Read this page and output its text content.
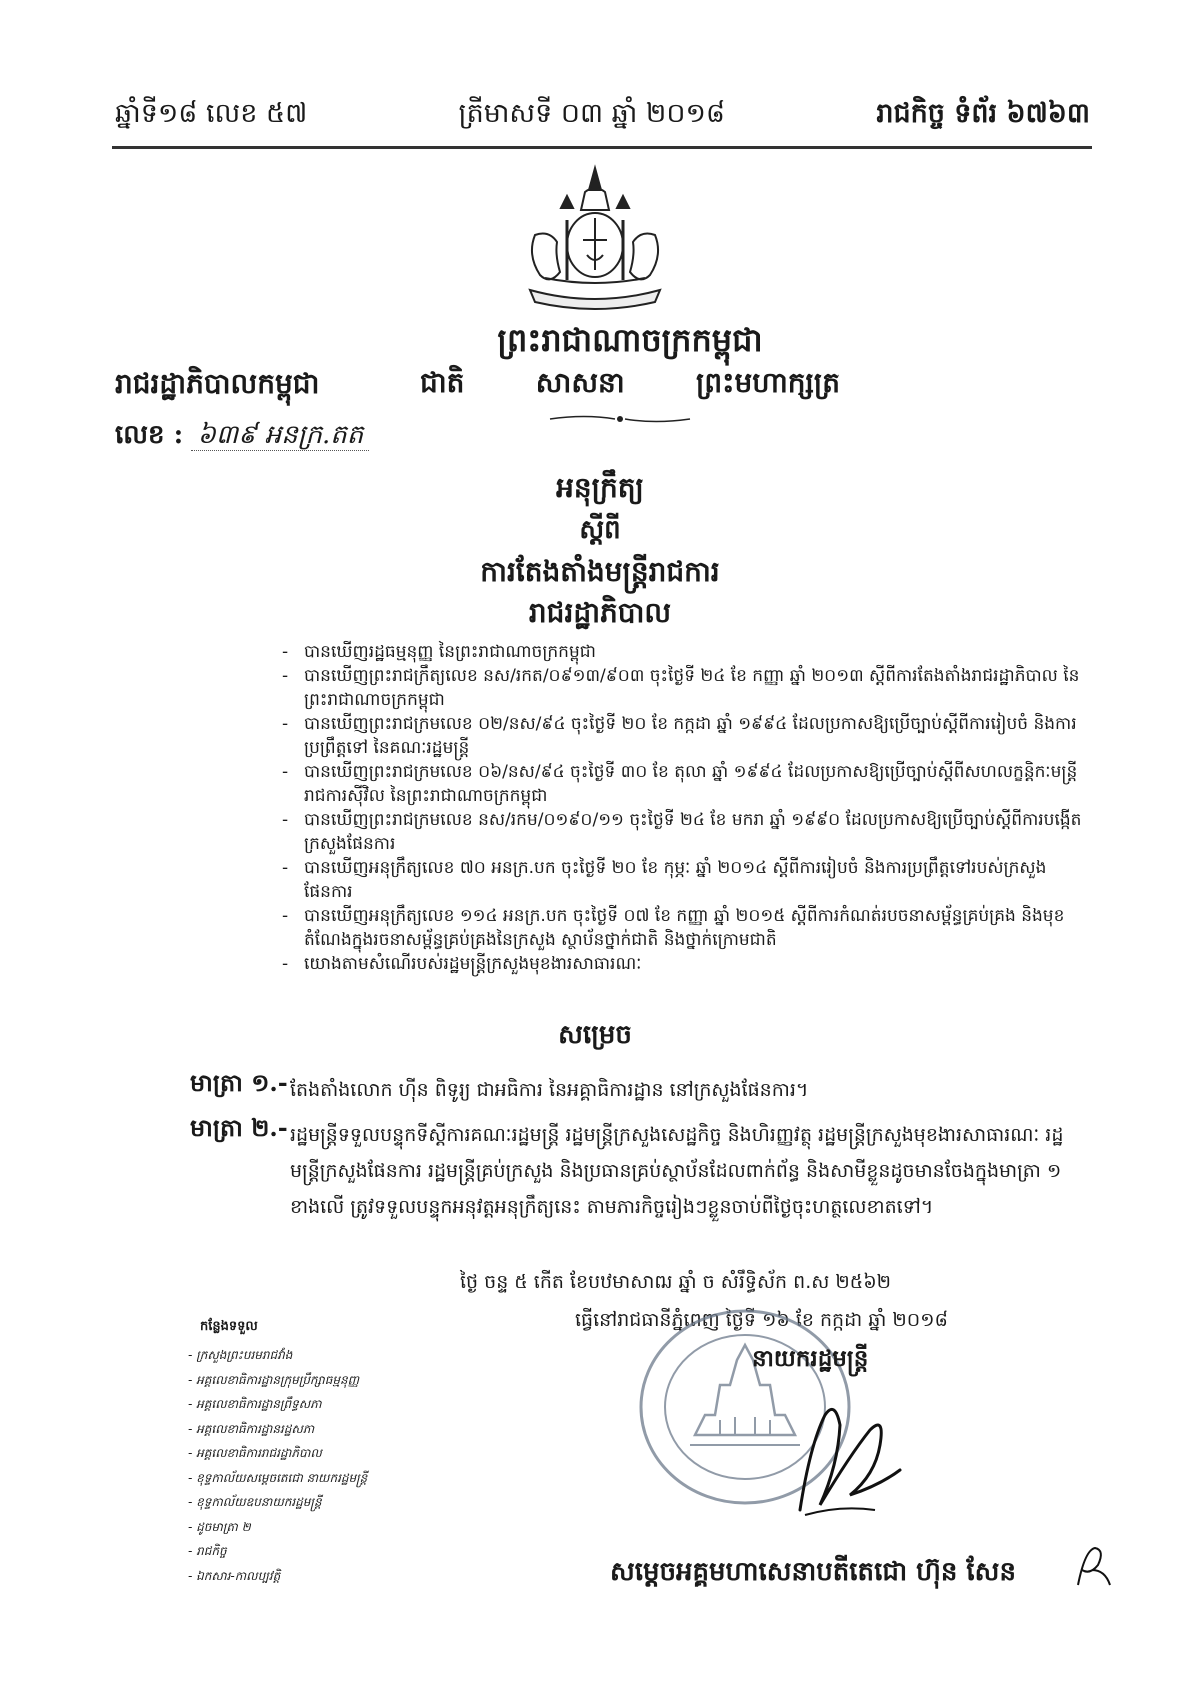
ឆ្នាំទី១៨ លេខ ៥៧	ត្រីមាសទី ០៣ ឆ្នាំ ២០១៨	រាជកិច្ច ទំព័រ ៦៧៦៣
ព្រះរាជាណាចក្រកម្ពុជា
ជាតិ	សាសនា	ព្រះមហាក្សត្រ
រាជរដ្ឋាភិបាលកម្ពុជា
លេខ : ៦៣៩ អនក្រ.តត
អនុក្រឹត្យ
ស្ដីពី
ការតែងតាំងមន្ត្រីរាជការ
រាជរដ្ឋាភិបាល
- បានឃើញរដ្ឋធម្មនុញ្ញ នៃព្រះរាជាណាចក្រកម្ពុជា
- បានឃើញព្រះរាជក្រឹត្យលេខ នស/រកត/០៩១៣/៩០៣ ចុះថ្ងៃទី ២៤ ខែ កញ្ញា ឆ្នាំ ២០១៣ ស្ដីពីការតែងតាំងរាជរដ្ឋាភិបាល នៃព្រះរាជាណាចក្រកម្ពុជា
- បានឃើញព្រះរាជក្រមលេខ ០២/នស/៩៤ ចុះថ្ងៃទី ២០ ខែ កក្កដា ឆ្នាំ ១៩៩៤ ដែលប្រកាសឱ្យប្រើច្បាប់ស្ដីពីការរៀបចំ និងការប្រព្រឹត្តទៅ នៃគណៈរដ្ឋមន្ត្រី
- បានឃើញព្រះរាជក្រមលេខ ០៦/នស/៩៤ ចុះថ្ងៃទី ៣០ ខែ តុលា ឆ្នាំ ១៩៩៤ ដែលប្រកាសឱ្យប្រើច្បាប់ស្ដីពីសហលក្ខន្តិកៈមន្ត្រីរាជការស៊ីវិល នៃព្រះរាជាណាចក្រកម្ពុជា
- បានឃើញព្រះរាជក្រមលេខ នស/រកម/០១៩០/១១ ចុះថ្ងៃទី ២៤ ខែ មករា ឆ្នាំ ១៩៩០ ដែលប្រកាសឱ្យប្រើច្បាប់ស្ដីពីការបង្កើតក្រសួងផែនការ
- បានឃើញអនុក្រឹត្យលេខ ៧០ អនក្រ.បក ចុះថ្ងៃទី ២០ ខែ កុម្ភៈ ឆ្នាំ ២០១៤ ស្ដីពីការរៀបចំ និងការប្រព្រឹត្តទៅរបស់ក្រសួងផែនការ
- បានឃើញអនុក្រឹត្យលេខ ១១៤ អនក្រ.បក ចុះថ្ងៃទី ០៧ ខែ កញ្ញា ឆ្នាំ ២០១៥ ស្ដីពីការកំណត់របចនាសម្ព័ន្ធគ្រប់គ្រង និងមុខតំណែងក្នុងរចនាសម្ព័ន្ធគ្រប់គ្រងនៃក្រសួង ស្ថាប័នថ្នាក់ជាតិ និងថ្នាក់ក្រោមជាតិ
- យោងតាមសំណើរបស់រដ្ឋមន្ត្រីក្រសួងមុខងារសាធារណៈ
សម្រេច
មាត្រា ១.- តែងតាំងលោក ហ៊ីន ពិទូរ្យ ជាអធិការ នៃអគ្គាធិការដ្ឋាន នៅក្រសួងផែនការ។
មាត្រា ២.- រដ្ឋមន្ត្រីទទួលបន្ទុកទីស្ដីការគណៈរដ្ឋមន្ត្រី រដ្ឋមន្ត្រីក្រសួងសេដ្ឋកិច្ច និងហិរញ្ញវត្ថុ រដ្ឋមន្ត្រីក្រសួងមុខងារសាធារណៈ រដ្ឋមន្ត្រីក្រសួងផែនការ រដ្ឋមន្ត្រីគ្រប់ក្រសួង និងប្រធានគ្រប់ស្ថាប័នដែលពាក់ព័ន្ធ និងសាមីខ្លួនដូចមានចែងក្នុងមាត្រា ១ ខាងលើ ត្រូវទទួលបន្ទុកអនុវត្តអនុក្រឹត្យនេះ តាមភារកិច្ចរៀងៗខ្លួនចាប់ពីថ្ងៃចុះហត្ថលេខាតទៅ។
ថ្ងៃ ចន្ទ ៥ កេីត ខែបឋមាសាឍ ឆ្នាំ ច សំរឹទ្ធិស័ក ព.ស ២៥៦២
ធ្វើនៅរាជធានីភ្នំពេញ ថ្ងៃទី ១៦ ខែ កក្កដា ឆ្នាំ ២០១៨
នាយករដ្ឋមន្ត្រី
សម្ដេចអគ្គមហាសេនាបតីតេជោ ហ៊ុន សែន
កន្លែងទទួល
- ក្រសួងព្រះបរមរាជវាំង
- អគ្គលេខាធិការដ្ឋានក្រុមប្រឹក្សាធម្មនុញ្ញ
- អគ្គលេខាធិការដ្ឋានព្រឹទ្ធសភា
- អគ្គលេខាធិការដ្ឋានរដ្ឋសភា
- អគ្គលេខាធិការរាជរដ្ឋាភិបាល
- ខុទ្ទកាល័យសម្ដេចតេជោ នាយករដ្ឋមន្ត្រី
- ខុទ្ទកាល័យឧបនាយករដ្ឋមន្ត្រី
- ដូចមាត្រា ២
- រាជកិច្ច
- ឯកសារ-កាលប្បវត្តិ
